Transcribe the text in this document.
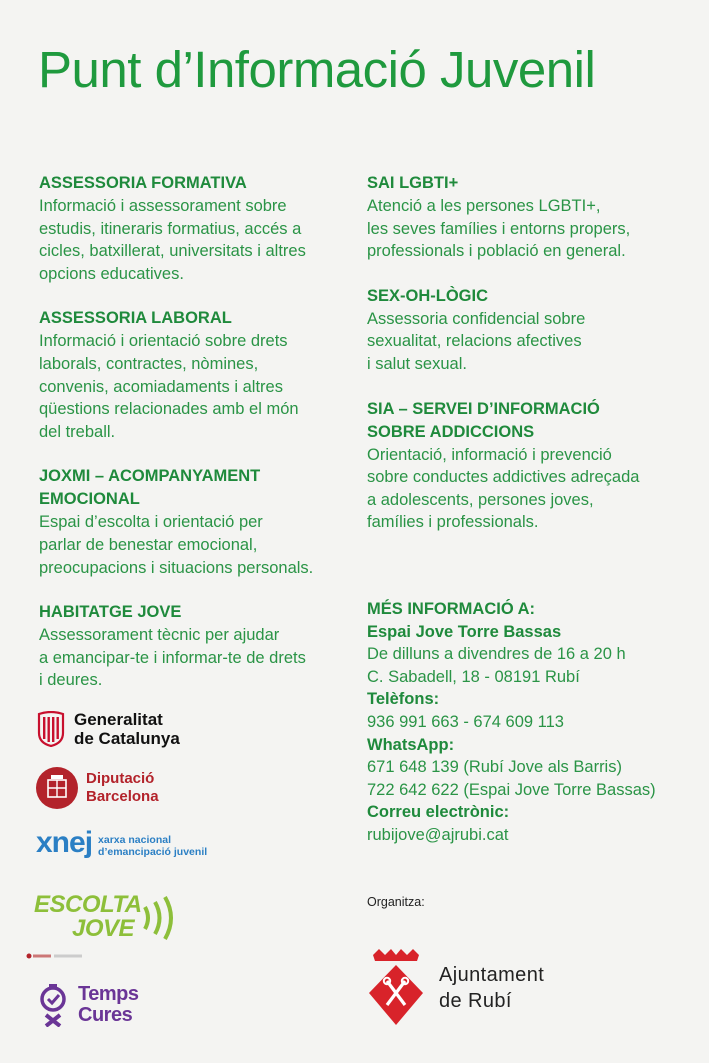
Punt d’Informació Juvenil
ASSESSORIA FORMATIVA

Informació i assessorament sobre
estudis, itineraris formatius, accés a
cicles, batxillerat, universitats i altres
opcions educatives.

ASSESSORIA LABORAL

Informació i orientació sobre drets
laborals, contractes, nòmines,
convenis, acomiadaments i altres
qüestions relacionades amb el món
del treball.

JOXMI – ACOMPANYAMENT
EMOCIONAL

Espai d’escolta i orientació per
parlar de benestar emocional,
preocupacions i situacions personals.

HABITATGE JOVE

Assessorament tècnic per ajudar
a emancipar-te i informar-te de drets
i deures.

SAI LGBTI+

Atenció a les persones LGBTI+,
les seves famílies i entorns propers,
professionals i població en general.

SEX-OH-LÒGIC

Assessoria confidencial sobre
sexualitat, relacions afectives
i salut sexual.

SIA – SERVEI D’INFORMACIÓ
SOBRE ADDICCIONS

Orientació, informació i prevenció
sobre conductes addictives adreçada
a adolescents, persones joves,
famílies i professionals.

MÉS INFORMACIÓ A:
Espai Jove Torre Bassas
De dilluns a divendres de 16 a 20 h
C. Sabadell, 18 - 08191 Rubí
Telèfons:
936 991 663 - 674 609 113
WhatsApp:
671 648 139 (Rubí Jove als Barris)
722 642 622 (Espai Jove Torre Bassas)
Correu electrònic:
rubijove@ajrubi.cat
Generalitat
de Catalunya
Diputació
Barcelona
xnej xarxa nacional
d’emancipació juvenil
ESCOLTA
JOVE
Temps
Cures
Organitza:
Ajuntament
de Rubí
